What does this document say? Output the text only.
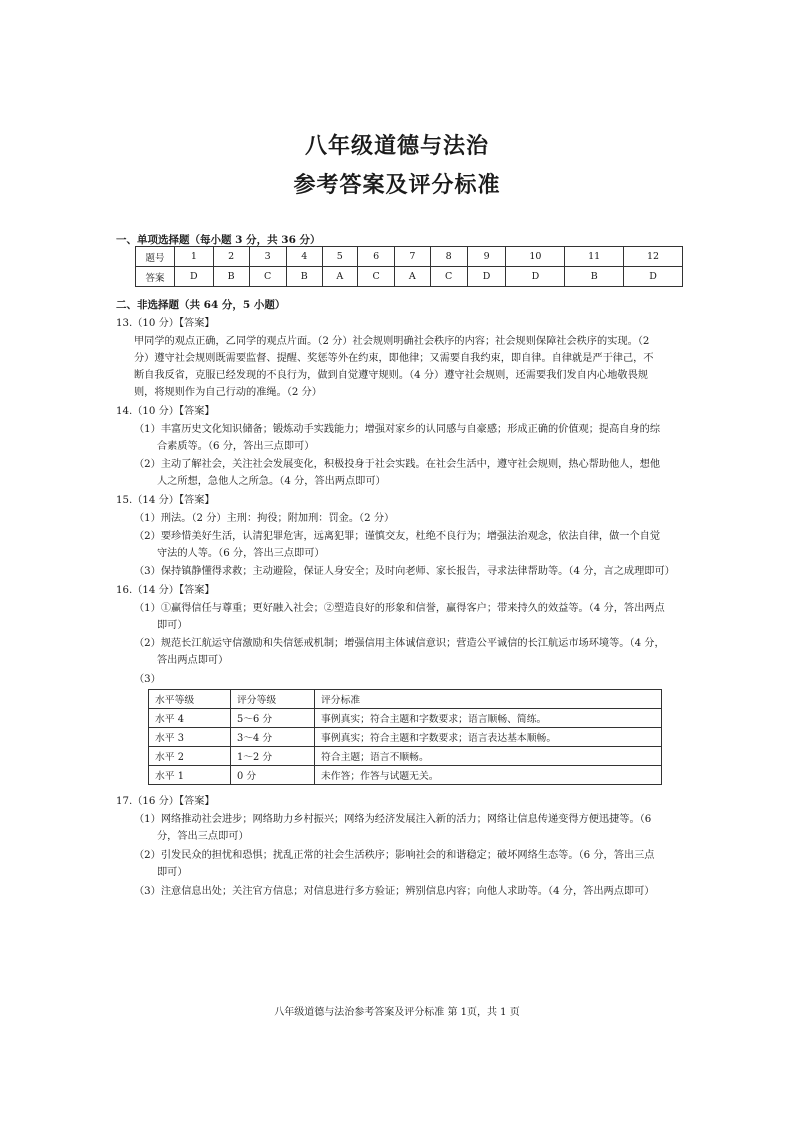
八年级道德与法治
参考答案及评分标准
一、单项选择题（每小题 3 分，共 36 分）
题号	1	2	3	4	5	6	7	8	9	10	11	12
答案	D	B	C	B	A	C	A	C	D	D	B	D
二、非选择题（共 64 分，5 小题）
13.（10 分）【答案】
甲同学的观点正确，乙同学的观点片面。（2 分）社会规则明确社会秩序的内容；社会规则保障社会秩序的实现。（2
分）遵守社会规则既需要监督、提醒、奖惩等外在约束，即他律；又需要自我约束，即自律。自律就是严于律己，不
断自我反省，克服已经发现的不良行为，做到自觉遵守规则。（4 分）遵守社会规则，还需要我们发自内心地敬畏规
则，将规则作为自己行动的准绳。（2 分）
14.（10 分）【答案】
（1）丰富历史文化知识储备；锻炼动手实践能力；增强对家乡的认同感与自豪感；形成正确的价值观；提高自身的综
合素质等。（6 分，答出三点即可）
（2）主动了解社会，关注社会发展变化，积极投身于社会实践。在社会生活中，遵守社会规则，热心帮助他人，想他
人之所想，急他人之所急。（4 分，答出两点即可）
15.（14 分）【答案】
（1）刑法。（2 分）主刑：拘役；附加刑：罚金。（2 分）
（2）要珍惜美好生活，认清犯罪危害，远离犯罪；谨慎交友，杜绝不良行为；增强法治观念，依法自律，做一个自觉
守法的人等。（6 分，答出三点即可）
（3）保持镇静懂得求救；主动避险，保证人身安全；及时向老师、家长报告，寻求法律帮助等。（4 分，言之成理即可）
16.（14 分）【答案】
（1）①赢得信任与尊重；更好融入社会；②塑造良好的形象和信誉，赢得客户；带来持久的效益等。（4 分，答出两点
即可）
（2）规范长江航运守信激励和失信惩戒机制；增强信用主体诚信意识；营造公平诚信的长江航运市场环境等。（4 分，
答出两点即可）
（3）
水平等级	评分等级	评分标准
水平 4	5～6 分	事例真实；符合主题和字数要求；语言顺畅、简练。
水平 3	3～4 分	事例真实；符合主题和字数要求；语言表达基本顺畅。
水平 2	1～2 分	符合主题；语言不顺畅。
水平 1	0 分	未作答；作答与试题无关。
17.（16 分）【答案】
（1）网络推动社会进步；网络助力乡村振兴；网络为经济发展注入新的活力；网络让信息传递变得方便迅捷等。（6
分，答出三点即可）
（2）引发民众的担忧和恐惧；扰乱正常的社会生活秩序；影响社会的和谐稳定；破坏网络生态等。（6 分，答出三点
即可）
（3）注意信息出处；关注官方信息；对信息进行多方验证；辨别信息内容；向他人求助等。（4 分，答出两点即可）
八年级道德与法治参考答案及评分标准 第 1页，共 1 页
